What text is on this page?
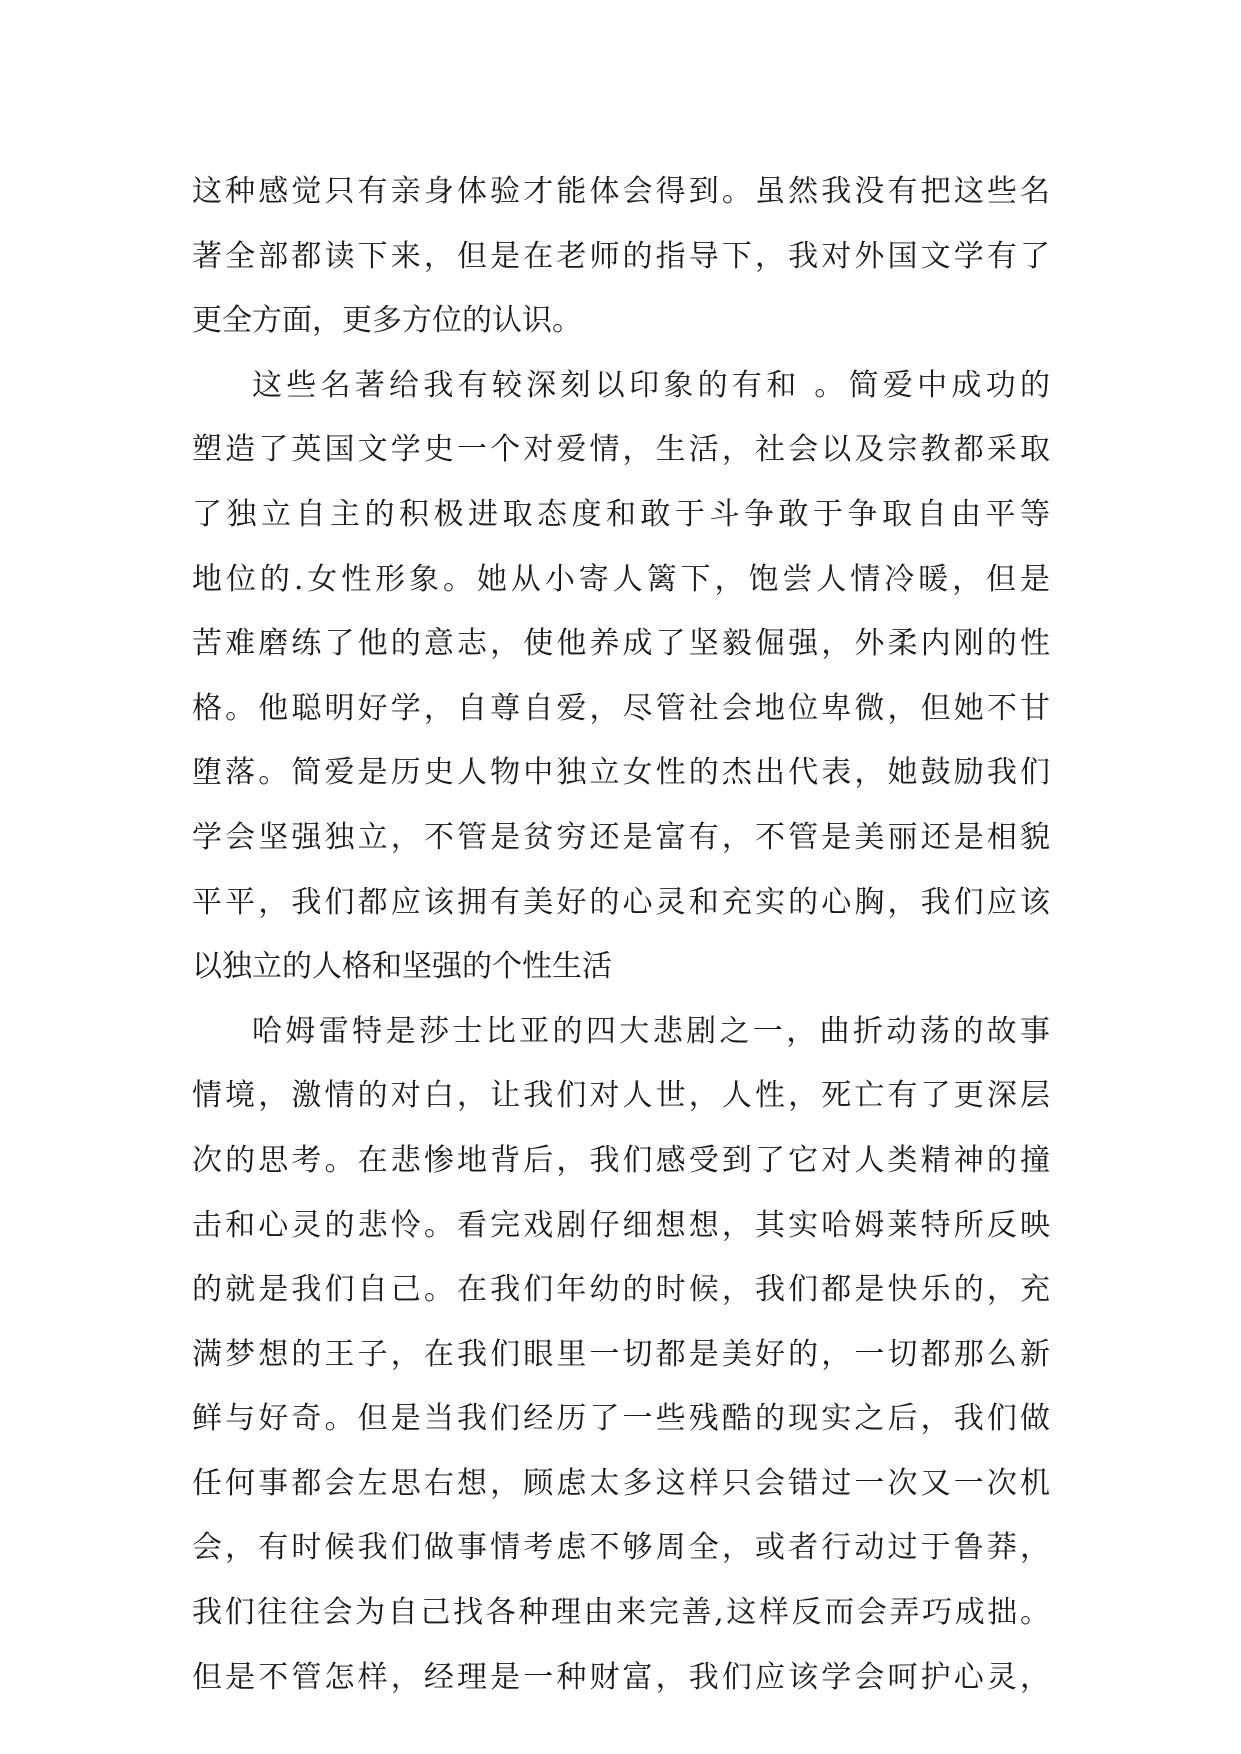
这种感觉只有亲身体验才能体会得到。虽然我没有把这些名
著全部都读下来，但是在老师的指导下，我对外国文学有了
更全方面，更多方位的认识。
这些名著给我有较深刻以印象的有和 。简爱中成功的
塑造了英国文学史一个对爱情，生活，社会以及宗教都采取
了独立自主的积极进取态度和敢于斗争敢于争取自由平等
地位的.女性形象。她从小寄人篱下，饱尝人情冷暖，但是
苦难磨练了他的意志，使他养成了坚毅倔强，外柔内刚的性
格。他聪明好学，自尊自爱，尽管社会地位卑微，但她不甘
堕落。简爱是历史人物中独立女性的杰出代表，她鼓励我们
学会坚强独立，不管是贫穷还是富有，不管是美丽还是相貌
平平，我们都应该拥有美好的心灵和充实的心胸，我们应该
以独立的人格和坚强的个性生活
哈姆雷特是莎士比亚的四大悲剧之一，曲折动荡的故事
情境，激情的对白，让我们对人世，人性，死亡有了更深层
次的思考。在悲惨地背后，我们感受到了它对人类精神的撞
击和心灵的悲怜。看完戏剧仔细想想，其实哈姆莱特所反映
的就是我们自己。在我们年幼的时候，我们都是快乐的，充
满梦想的王子，在我们眼里一切都是美好的，一切都那么新
鲜与好奇。但是当我们经历了一些残酷的现实之后，我们做
任何事都会左思右想，顾虑太多这样只会错过一次又一次机
会，有时候我们做事情考虑不够周全，或者行动过于鲁莽，
我们往往会为自己找各种理由来完善,这样反而会弄巧成拙。
但是不管怎样，经理是一种财富，我们应该学会呵护心灵，
